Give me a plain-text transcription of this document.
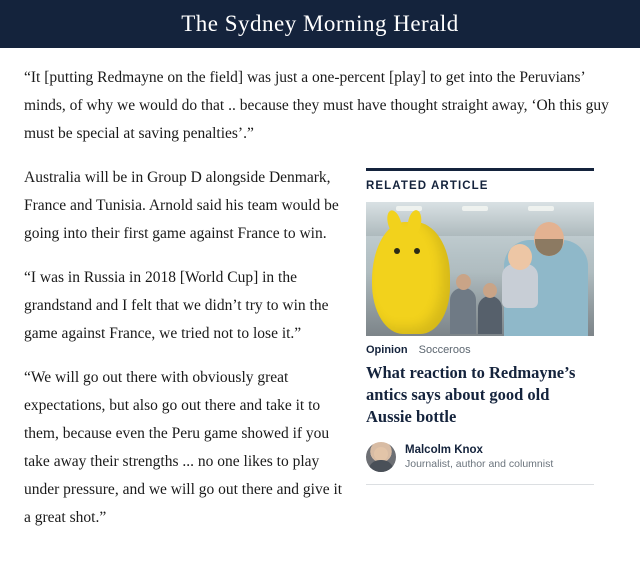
The Sydney Morning Herald

“It [putting Redmayne on the field] was just a one-percent [play] to get into the Peruvians’ minds, of why we would do that .. because they must have thought straight away, ‘Oh this guy must be special at saving penalties’.”

Australia will be in Group D alongside Denmark, France and Tunisia. Arnold said his team would be going into their first game against France to win.

“I was in Russia in 2018 [World Cup] in the grandstand and I felt that we didn’t try to win the game against France, we tried not to lose it.”

“We will go out there with obviously great expectations, but also go out there and take it to them, because even the Peru game showed if you take away their strengths ... no one likes to play under pressure, and we will go out there and give it a great shot.”

RELATED ARTICLE
Opinion Socceroos
What reaction to Redmayne’s antics says about good old Aussie bottle
Malcolm Knox
Journalist, author and columnist
